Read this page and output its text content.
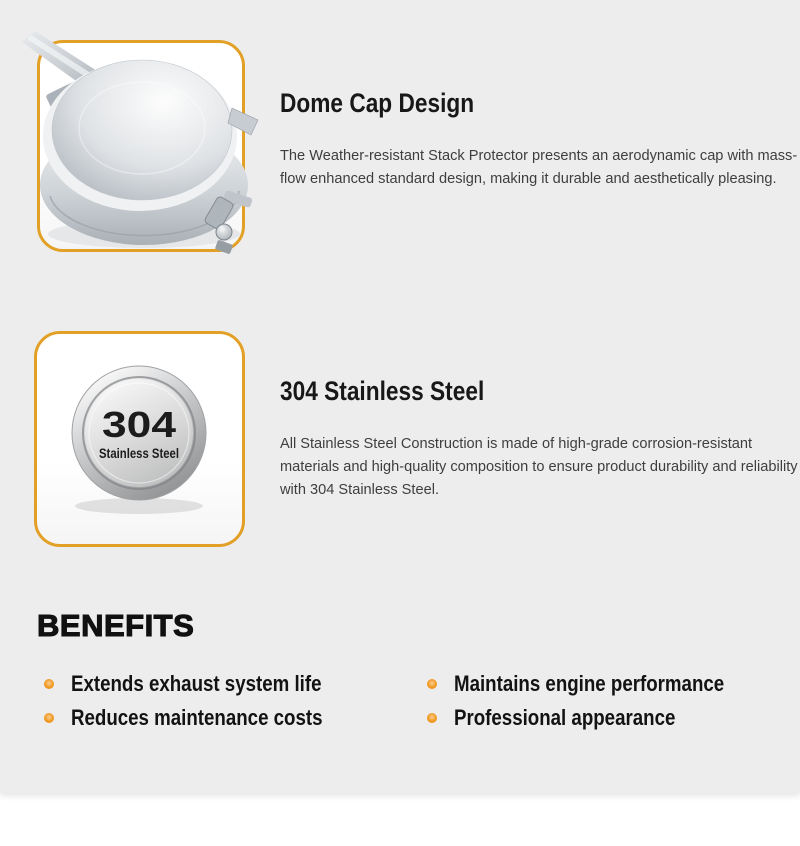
Dome Cap Design

The Weather-resistant Stack Protector presents an aerodynamic cap with mass-flow enhanced standard design, making it durable and aesthetically pleasing.

304
Stainless Steel
304 Stainless Steel

All Stainless Steel Construction is made of high-grade corrosion-resistant materials and high-quality composition to ensure product durability and reliability with 304 Stainless Steel.

BENEFITS
Extends exhaust system life
Reduces maintenance costs
Maintains engine performance
Professional appearance
